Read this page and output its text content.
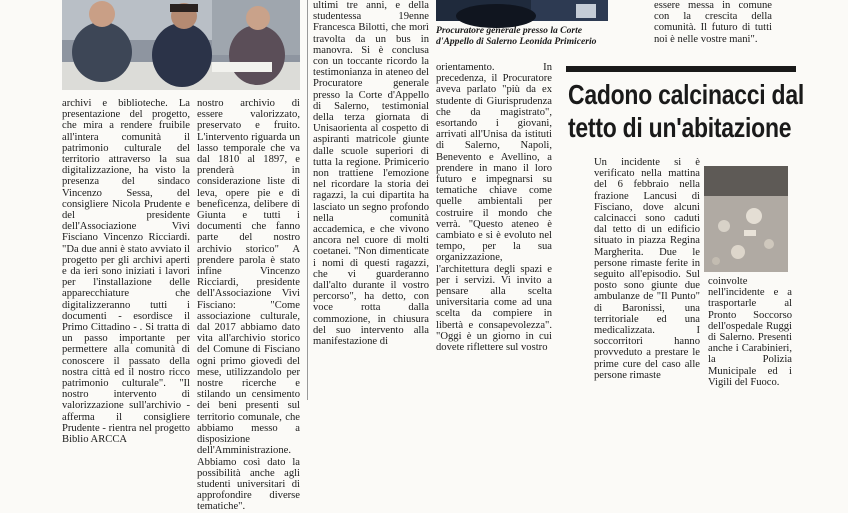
archivi e biblioteche. La presentazione del progetto, che mira a rendere fruibile all'intera comunità il patrimonio culturale del territorio attraverso la sua digitalizzazione, ha visto la presenza del sindaco Vincenzo Sessa, del consigliere Nicola Prudente e del presidente dell'Associazione Vivi Fisciano Vincenzo Ricciardi. "Da due anni è stato avviato il progetto per gli archivi aperti e da ieri sono iniziati i lavori per l'installazione delle apparecchiature che digitalizzeranno tutti i documenti - esordisce il Primo Cittadino - . Si tratta di un passo importante per permettere alla comunità di conoscere il passato della nostra città ed il nostro ricco patrimonio culturale". "Il nostro intervento di valorizzazione sull'archivio - afferma il consigliere Prudente - rientra nel progetto Biblio ARCCA

nostro archivio di essere valorizzato, preservato e fruito. L'intervento riguarda un lasso temporale che va dal 1810 al 1897, e prenderà in considerazione liste di leva, opere pie e di beneficenza, delibere di Giunta e tutti i documenti che fanno parte del nostro archivio storico" A prendere parola è stato infine Vincenzo Ricciardi, presidente dell'Associazione Vivi Fisciano: "Come associazione culturale, dal 2017 abbiamo dato vita all'archivio storico del Comune di Fisciano ogni primo giovedì del mese, utilizzandolo per nostre ricerche e stilando un censimento dei beni presenti sul territorio comunale, che abbiamo messo a disposizione dell'Amministrazione. Abbiamo così dato la possibilità anche agli studenti universitari di approfondire diverse tematiche".

ultimi tre anni, e della studentessa 19enne Francesca Bilotti, che morì travolta da un bus in manovra. Si è conclusa con un toccante ricordo la testimonianza in ateneo del Procuratore generale presso la Corte d'Appello di Salerno, testimonial della terza giornata di Unisaorienta al cospetto di aspiranti matricole giunte dalle scuole superiori di tutta la regione. Primicerio non trattiene l'emozione nel ricordare la storia dei ragazzi, la cui dipartita ha lasciato un segno profondo nella comunità accademica, e che vivono ancora nel cuore di molti coetanei. "Non dimenticate i nomi di questi ragazzi, che vi guarderanno dall'alto durante il vostro percorso", ha detto, con voce rotta dalla commozione, in chiusura del suo intervento alla manifestazione di

Procuratore generale presso la Corte d'Appello di Salerno Leonida Primicerio

orientamento. In precedenza, il Procuratore aveva parlato "più da ex studente di Giurisprudenza che da magistrato", esortando i giovani, arrivati all'Unisa da istituti di Salerno, Napoli, Benevento e Avellino, a prendere in mano il loro futuro e impegnarsi su tematiche chiave come quelle ambientali per costruire il mondo che verrà. "Questo ateneo è cambiato e si è evoluto nel tempo, per la sua organizzazione, l'architettura degli spazi e per i servizi. Vi invito a pensare alla scelta universitaria come ad una scelta da compiere in libertà e consapevolezza". "Oggi è un giorno in cui dovete riflettere sul vostro

essere messa in comune con la crescita della comunità. Il futuro di tutti noi è nelle vostre mani".

Cadono calcinacci dal
tetto di un'abitazione

Un incidente si è verificato nella mattina del 6 febbraio nella frazione Lancusi di Fisciano, dove alcuni calcinacci sono caduti dal tetto di un edificio situato in piazza Regina Margherita. Due le persone rimaste ferite in seguito all'episodio. Sul posto sono giunte due ambulanze de "Il Punto" di Baronissi, una territoriale ed una medicalizzata. I soccorritori hanno provveduto a prestare le prime cure del caso alle persone rimaste

coinvolte nell'incidente e a trasportarle al Pronto Soccorso dell'ospedale Ruggi di Salerno. Presenti anche i Carabinieri, la Polizia Municipale ed i Vigili del Fuoco.
